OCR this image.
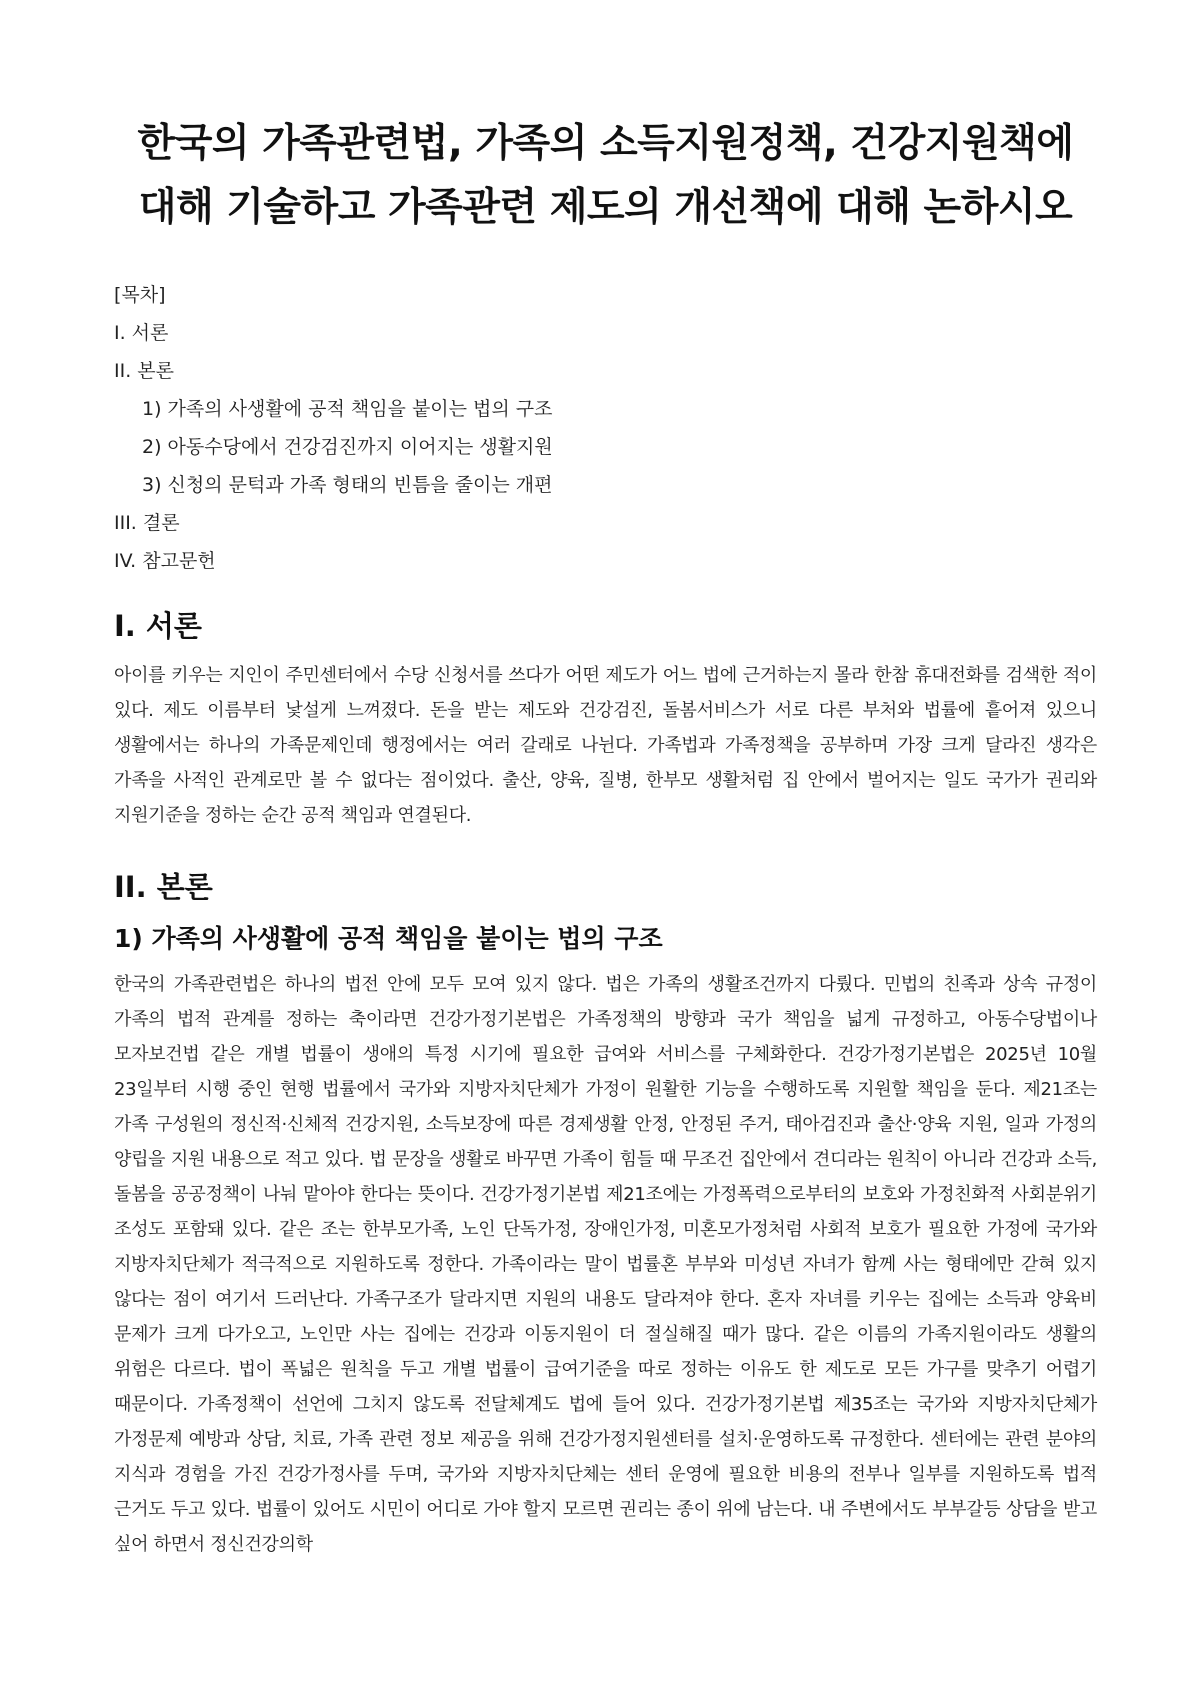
한국의 가족관련법, 가족의 소득지원정책, 건강지원책에 대해 기술하고 가족관련 제도의 개선책에 대해 논하시오
[목차]
I. 서론
II. 본론
1) 가족의 사생활에 공적 책임을 붙이는 법의 구조
2) 아동수당에서 건강검진까지 이어지는 생활지원
3) 신청의 문턱과 가족 형태의 빈틈을 줄이는 개편
III. 결론
IV. 참고문헌
I. 서론

아이를 키우는 지인이 주민센터에서 수당 신청서를 쓰다가 어떤 제도가 어느 법에 근거하는지 몰라 한참 휴대전화를 검색한 적이 있다. 제도 이름부터 낯설게 느껴졌다. 돈을 받는 제도와 건강검진, 돌봄서비스가 서로 다른 부처와 법률에 흩어져 있으니 생활에서는 하나의 가족문제인데 행정에서는 여러 갈래로 나뉜다. 가족법과 가족정책을 공부하며 가장 크게 달라진 생각은 가족을 사적인 관계로만 볼 수 없다는 점이었다. 출산, 양육, 질병, 한부모 생활처럼 집 안에서 벌어지는 일도 국가가 권리와 지원기준을 정하는 순간 공적 책임과 연결된다.

II. 본론
1) 가족의 사생활에 공적 책임을 붙이는 법의 구조

한국의 가족관련법은 하나의 법전 안에 모두 모여 있지 않다. 법은 가족의 생활조건까지 다뤘다. 민법의 친족과 상속 규정이 가족의 법적 관계를 정하는 축이라면 건강가정기본법은 가족정책의 방향과 국가 책임을 넓게 규정하고, 아동수당법이나 모자보건법 같은 개별 법률이 생애의 특정 시기에 필요한 급여와 서비스를 구체화한다. 건강가정기본법은 2025년 10월 23일부터 시행 중인 현행 법률에서 국가와 지방자치단체가 가정이 원활한 기능을 수행하도록 지원할 책임을 둔다. 제21조는 가족 구성원의 정신적·신체적 건강지원, 소득보장에 따른 경제생활 안정, 안정된 주거, 태아검진과 출산·양육 지원, 일과 가정의 양립을 지원 내용으로 적고 있다. 법 문장을 생활로 바꾸면 가족이 힘들 때 무조건 집안에서 견디라는 원칙이 아니라 건강과 소득, 돌봄을 공공정책이 나눠 맡아야 한다는 뜻이다. 건강가정기본법 제21조에는 가정폭력으로부터의 보호와 가정친화적 사회분위기 조성도 포함돼 있다. 같은 조는 한부모가족, 노인 단독가정, 장애인가정, 미혼모가정처럼 사회적 보호가 필요한 가정에 국가와 지방자치단체가 적극적으로 지원하도록 정한다. 가족이라는 말이 법률혼 부부와 미성년 자녀가 함께 사는 형태에만 갇혀 있지 않다는 점이 여기서 드러난다. 가족구조가 달라지면 지원의 내용도 달라져야 한다. 혼자 자녀를 키우는 집에는 소득과 양육비 문제가 크게 다가오고, 노인만 사는 집에는 건강과 이동지원이 더 절실해질 때가 많다. 같은 이름의 가족지원이라도 생활의 위험은 다르다. 법이 폭넓은 원칙을 두고 개별 법률이 급여기준을 따로 정하는 이유도 한 제도로 모든 가구를 맞추기 어렵기 때문이다. 가족정책이 선언에 그치지 않도록 전달체계도 법에 들어 있다. 건강가정기본법 제35조는 국가와 지방자치단체가 가정문제 예방과 상담, 치료, 가족 관련 정보 제공을 위해 건강가정지원센터를 설치·운영하도록 규정한다. 센터에는 관련 분야의 지식과 경험을 가진 건강가정사를 두며, 국가와 지방자치단체는 센터 운영에 필요한 비용의 전부나 일부를 지원하도록 법적 근거도 두고 있다. 법률이 있어도 시민이 어디로 가야 할지 모르면 권리는 종이 위에 남는다. 내 주변에서도 부부갈등 상담을 받고 싶어 하면서 정신건강의학
